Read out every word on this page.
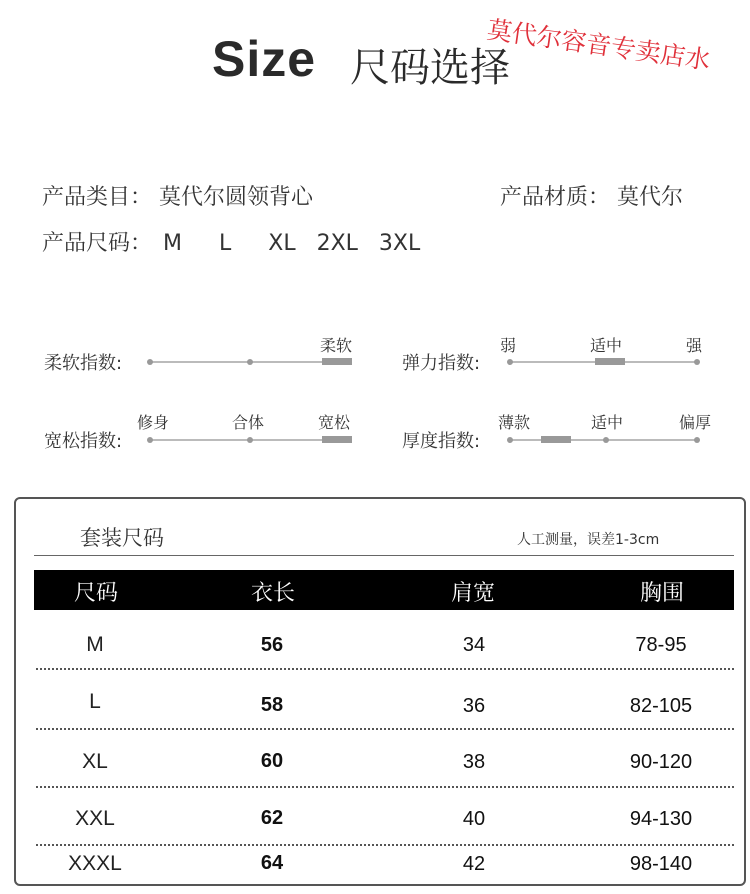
Size 尺码选择
莫代尔容音专卖店水
产品类目： 莫代尔圆领背心	产品材质： 莫代尔
产品尺码： M L XL 2XL 3XL
柔软指数:
柔软
弹力指数:
弱	适中	强
宽松指数:
修身	合体	宽松
厚度指数:
薄款	适中	偏厚
套装尺码	人工测量，误差1-3cm
尺码	衣长	肩宽	胸围
M	56	34	78-95
L	58	36	82-105
XL	60	38	90-120
XXL	62	40	94-130
XXXL	64	42	98-140
